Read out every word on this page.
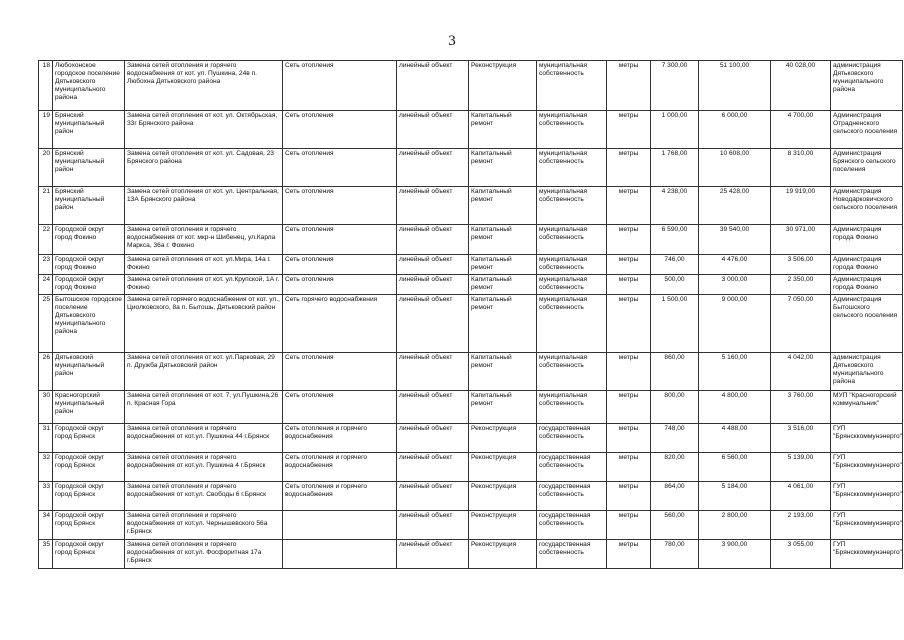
3
18	Любохонское городское поселение Дятьковского муниципального района	Замена сетей отопления и горячего водоснабжения от кот. ул. Пушкина, 24в п. Любохна Дятьковского района	Сеть отопления	линейный объект	Реконструкция	муниципальная собственность	метры	7 300,00	51 100,00	40 028,00	администрация Дятьковского муниципального района
19	Брянский муниципальный район	Замена сетей отопления от кот. ул. Октябрьская, 33г Брянского района	Сеть отопления	линейный объект	Капитальный ремонт	муниципальная собственность	метры	1 000,00	6 000,00	4 700,00	Администрация Отрадненского сельского поселения
20	Брянский муниципальный район	Замена сетей отопления от кот. ул. Садовая, 23 Брянского района	Сеть отопления	линейный объект	Капитальный ремонт	муниципальная собственность	метры	1 768,00	10 608,00	8 310,00	Администрация Брянского сельского поселения
21	Брянский муниципальный район	Замена сетей отопления от кот. ул. Центральная, 13А Брянского района	Сеть отопления	линейный объект	Капитальный ремонт	муниципальная собственность	метры	4 238,00	25 428,00	19 919,00	Администрация Новодарковичского сельского поселения
22	Городской округ город Фокино	Замена сетей отопления и горячего водоснабжения от кот. мкр-н Шибенец, ул.Карла Маркса, 36а г. Фокино	Сеть отопления	линейный объект	Капитальный ремонт	муниципальная собственность	метры	6 590,00	39 540,00	30 971,00	Администрация города Фокино
23	Городской округ город Фокино	Замена сетей отопления от кот. ул.Мира, 14а г. Фокино	Сеть отопления	линейный объект	Капитальный ремонт	муниципальная собственность	метры	746,00	4 476,00	3 506,00	Администрация города Фокино
24	Городской округ город Фокино	Замена сетей отопления от кот. ул.Крупской, 1А г. Фокино	Сеть отопления	линейный объект	Капитальный ремонт	муниципальная собственность	метры	500,00	3 000,00	2 350,00	Администрация города Фокино
25	Бытошское городское поселение Дятьковского муниципального района	Замена сетей горячего водоснабжения от кот. ул., Циолковского, 8а п. Бытошь, Дятьковский район	Сеть горячего водоснабжения	линейный объект	Капитальный ремонт	муниципальная собственность	метры	1 500,00	9 000,00	7 050,00	Администрация Бытошского сельского поселения
26	Дятьковский муниципальный район	Замена сетей отопления от кот. ул.Парковая, 29 п. Дружба Дятьковский район	Сеть отопления	линейный объект	Капитальный ремонт	муниципальная собственность	метры	860,00	5 160,00	4 042,00	администрация Дятьковского муниципального района
30	Красногорский муниципальный район	Замена сетей отопления от кот. 7, ул.Пушкина,26 п. Красная Гора	Сеть отопления	линейный объект	Капитальный ремонт	муниципальная собственность	метры	800,00	4 800,00	3 760,00	МУП "Красногорский коммунальник"
31	Городской округ город Брянск	Замена сетей отопления и горячего водоснабжения от кот.ул. Пушкина 44 г.Брянск	Сеть отопления и горячего водоснабжения	линейный объект	Реконструкция	государственная собственность	метры	748,00	4 488,00	3 516,00	ГУП "Брянсккоммунэнерго"
32	Городской округ город Брянск	Замена сетей отопления и горячего водоснабжения от кот.ул. Пушкина 4 г.Брянск	Сеть отопления и горячего водоснабжения	линейный объект	Реконструкция	государственная собственность	метры	820,00	6 560,00	5 139,00	ГУП "Брянсккоммунэнерго"
33	Городской округ город Брянск	Замена сетей отопления и горячего водоснабжения от кот.ул. Свободы 6 г.Брянск	Сеть отопления и горячего водоснабжения	линейный объект	Реконструкция	государственная собственность	метры	864,00	5 184,00	4 061,00	ГУП "Брянсккоммунэнерго"
34	Городской округ город Брянск	Замена сетей отопления и горячего водоснабжения от кот.ул. Чернышевского 56а г.Брянск		линейный объект	Реконструкция	государственная собственность	метры	560,00	2 800,00	2 193,00	ГУП "Брянсккоммунэнерго"
35	Городской округ город Брянск	Замена сетей отопления и горячего водоснабжения от кот.ул. Фосфоритная 17а г.Брянск		линейный объект	Реконструкция	государственная собственность	метры	780,00	3 900,00	3 055,00	ГУП "Брянсккоммунэнерго"
